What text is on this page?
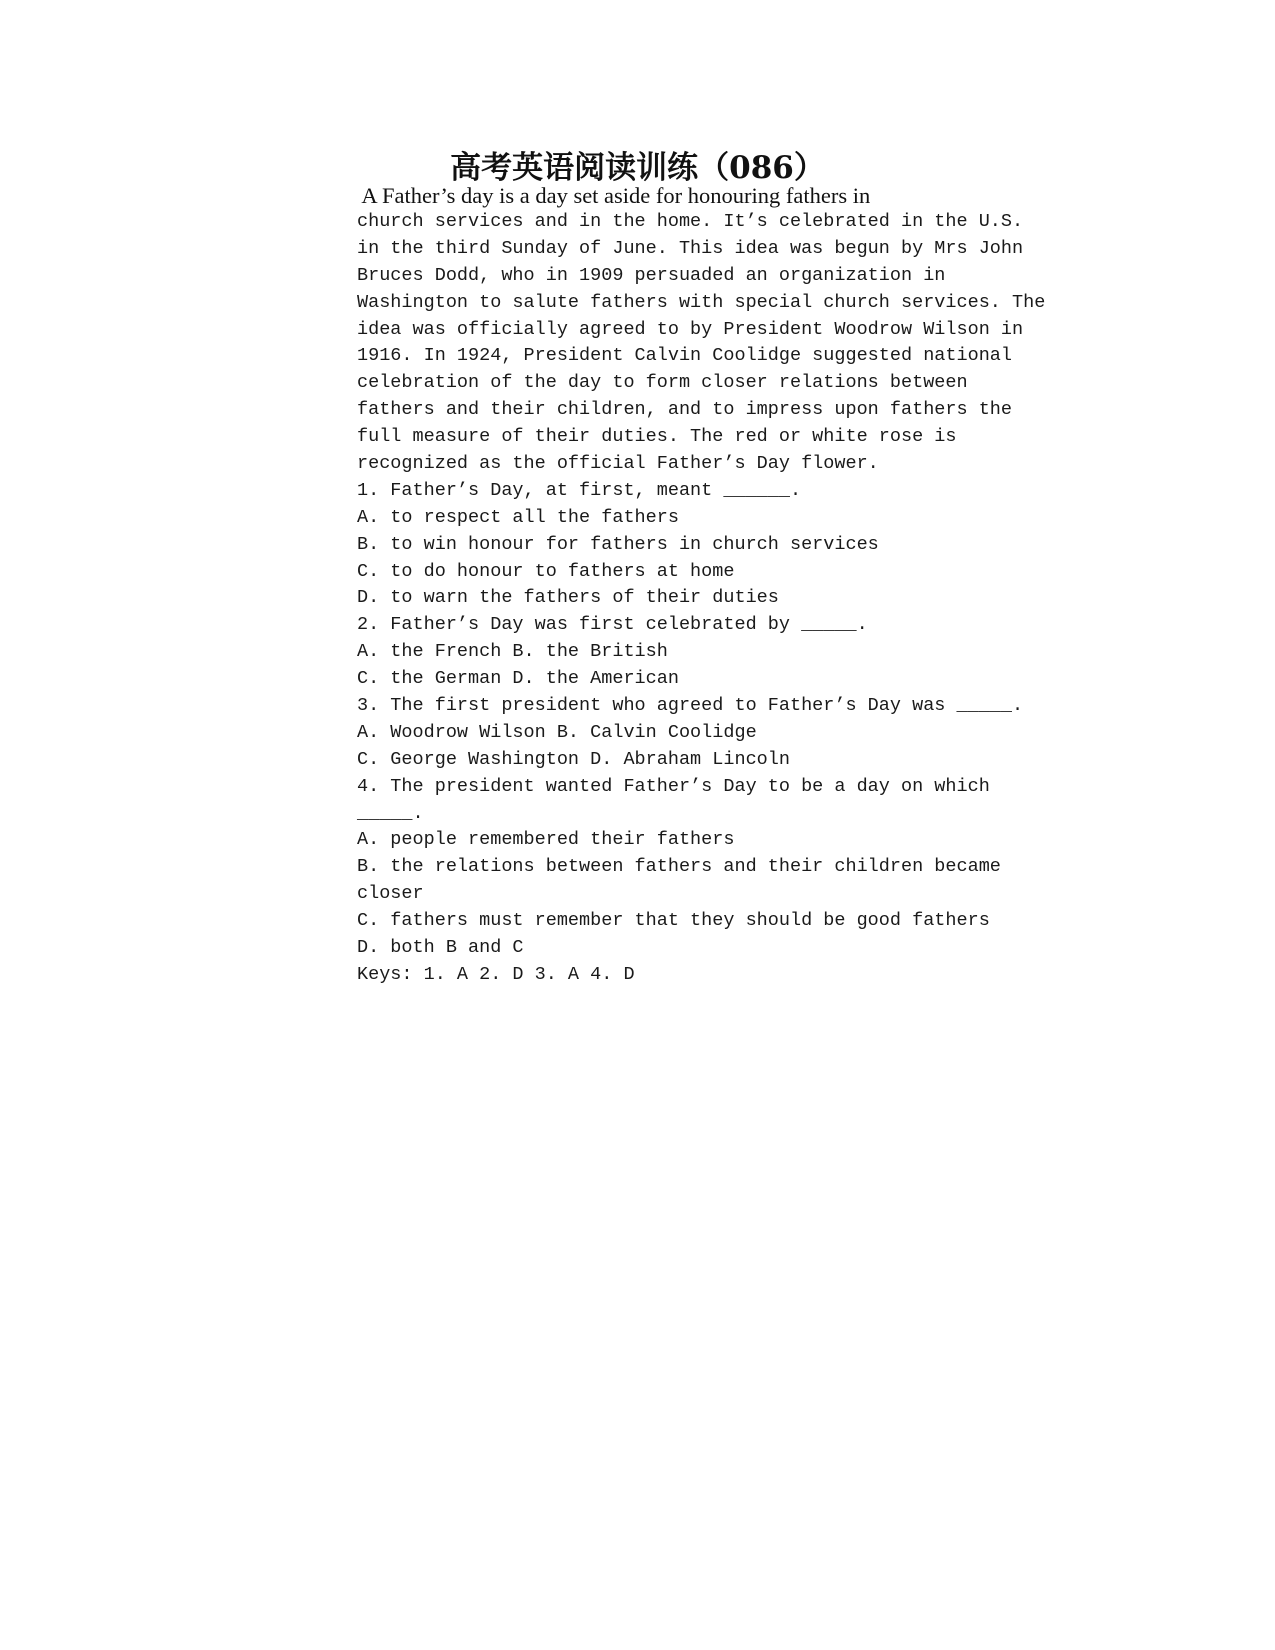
高考英语阅读训练（086）
A Father’s day is a day set aside for honouring fathers in
church services and in the home. It’s celebrated in the U.S.
in the third Sunday of June. This idea was begun by Mrs John
Bruces Dodd, who in 1909 persuaded an organization in
Washington to salute fathers with special church services. The
idea was officially agreed to by President Woodrow Wilson in
1916. In 1924, President Calvin Coolidge suggested national
celebration of the day to form closer relations between
fathers and their children, and to impress upon fathers the
full measure of their duties. The red or white rose is
recognized as the official Father’s Day flower.
1. Father’s Day, at first, meant ______.
A. to respect all the fathers
B. to win honour for fathers in church services
C. to do honour to fathers at home
D. to warn the fathers of their duties
2. Father’s Day was first celebrated by _____.
A. the French B. the British
C. the German D. the American
3. The first president who agreed to Father’s Day was _____.
A. Woodrow Wilson B. Calvin Coolidge
C. George Washington D. Abraham Lincoln
4. The president wanted Father’s Day to be a day on which
_____.
A. people remembered their fathers
B. the relations between fathers and their children became
closer
C. fathers must remember that they should be good fathers
D. both B and C
Keys: 1. A 2. D 3. A 4. D
